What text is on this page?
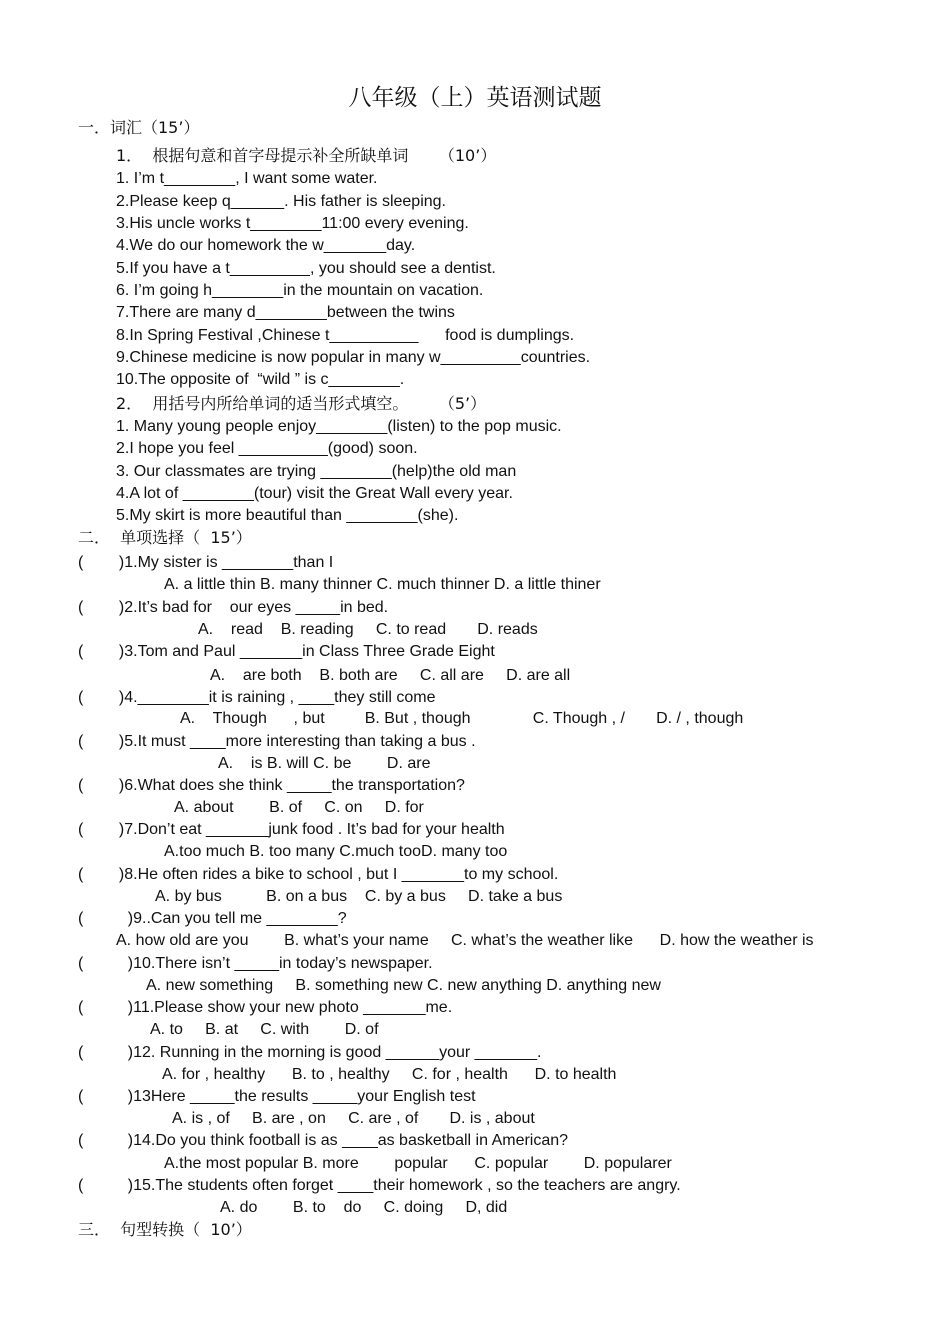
八年级（上）英语测试题
一．词汇（15’）
1．  根据句意和首字母提示补全所缺单词      （10’）
1. I’m t________, I want some water.
2.Please keep q______. His father is sleeping.
3.His uncle works t________11:00 every evening.
4.We do our homework the w_______day.
5.If you have a t_________, you should see a dentist.
6. I’m going h________in the mountain on vacation.
7.There are many d________between the twins
8.In Spring Festival ,Chinese t__________      food is dumplings.
9.Chinese medicine is now popular in many w_________countries.
10.The opposite of  “wild ” is c________.
2．  用括号内所给单词的适当形式填空。      （5’）
1. Many young people enjoy________(listen) to the pop music.
2.I hope you feel __________(good) soon.
3. Our classmates are trying ________(help)the old man
4.A lot of ________(tour) visit the Great Wall every year.
5.My skirt is more beautiful than ________(she).
二．  单项选择（  15’）
(        )1.My sister is ________than I
A. a little thin B. many thinner C. much thinner D. a little thiner
(        )2.It’s bad for    our eyes _____in bed.
A.    read    B. reading     C. to read       D. reads
(        )3.Tom and Paul _______in Class Three Grade Eight
A.    are both    B. both are     C. all are     D. are all
(        )4.________it is raining , ____they still come
A.    Though      , but         B. But , though              C. Though , /       D. / , though
(        )5.It must ____more interesting than taking a bus .
A.    is B. will C. be        D. are
(        )6.What does she think _____the transportation?
A. about        B. of     C. on     D. for
(        )7.Don’t eat _______junk food . It’s bad for your health
A.too much B. too many C.much tooD. many too
(        )8.He often rides a bike to school , but I _______to my school.
A. by bus          B. on a bus    C. by a bus     D. take a bus
(          )9..Can you tell me ________?
A. how old are you        B. what’s your name     C. what’s the weather like      D. how the weather is
(          )10.There isn’t _____in today’s newspaper.
A. new something     B. something new C. new anything D. anything new
(          )11.Please show your new photo _______me.
A. to     B. at     C. with        D. of
(          )12. Running in the morning is good ______your _______.
A. for , healthy      B. to , healthy     C. for , health      D. to health
(          )13Here _____the results _____your English test
A. is , of     B. are , on     C. are , of       D. is , about
(          )14.Do you think football is as ____as basketball in American?
A.the most popular B. more        popular      C. popular        D. popularer
(          )15.The students often forget ____their homework , so the teachers are angry.
A. do        B. to    do     C. doing     D, did
三．  句型转换（  10’）
